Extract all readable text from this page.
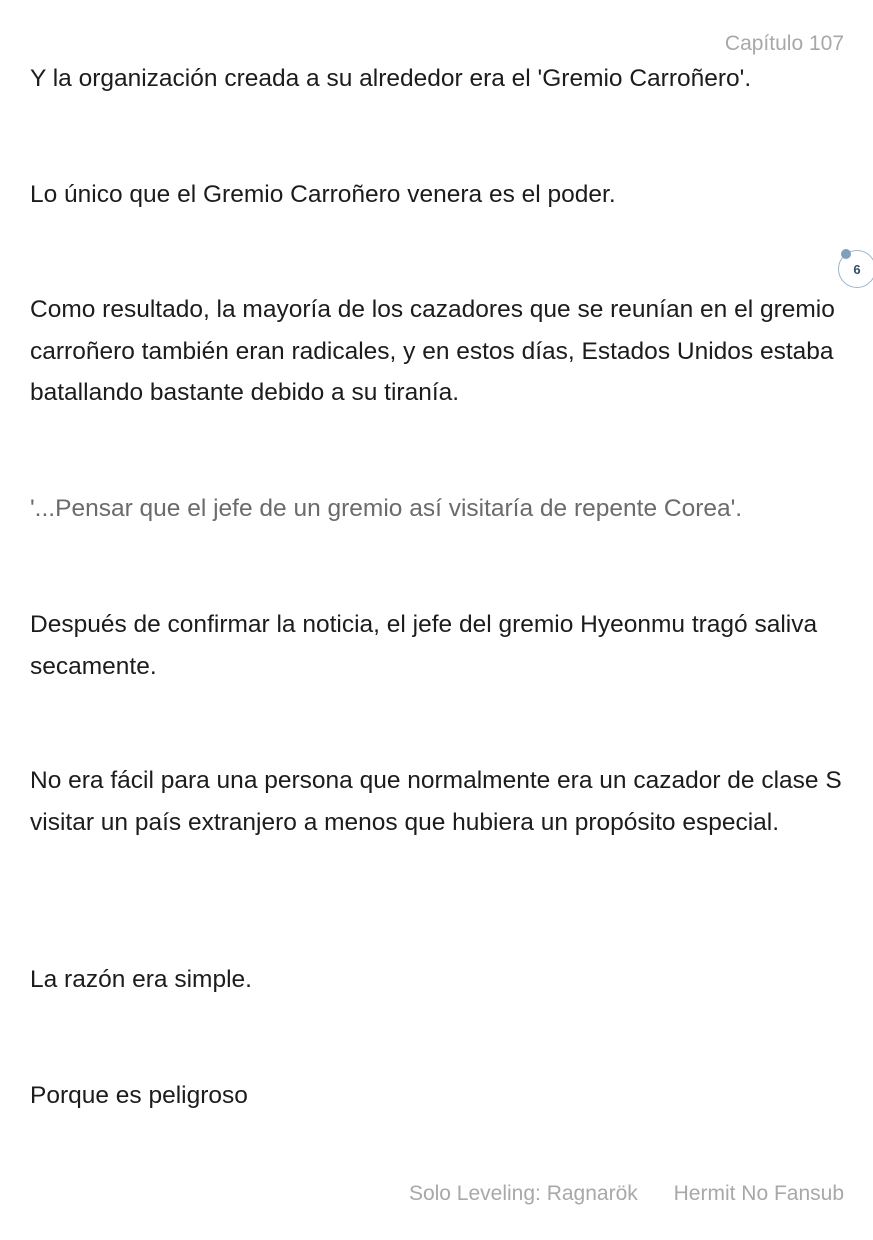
Capítulo 107

Y la organización creada a su alrededor era el 'Gremio Carroñero'.

Lo único que el Gremio Carroñero venera es el poder.

Como resultado, la mayoría de los cazadores que se reunían en el gremio carroñero también eran radicales, y en estos días, Estados Unidos estaba batallando bastante debido a su tiranía.

'...Pensar que el jefe de un gremio así visitaría de repente Corea'.

Después de confirmar la noticia, el jefe del gremio Hyeonmu tragó saliva secamente.

No era fácil para una persona que normalmente era un cazador de clase S visitar un país extranjero a menos que hubiera un propósito especial.

La razón era simple.

Porque es peligroso

6
Solo Leveling: Ragnarök Hermit No Fansub
